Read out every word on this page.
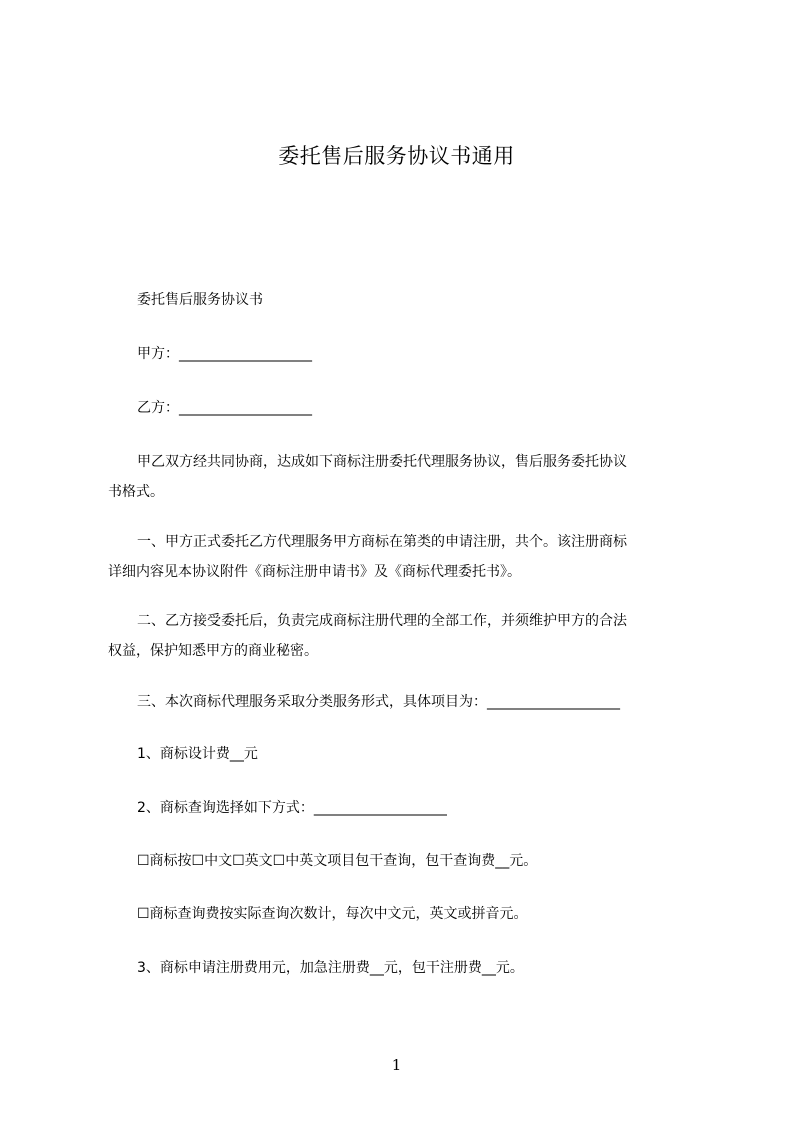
委托售后服务协议书通用
委托售后服务协议书
甲方：___________________
乙方：___________________
甲乙双方经共同协商，达成如下商标注册委托代理服务协议，售后服务委托协议
书格式。
一、甲方正式委托乙方代理服务甲方商标在第类的申请注册，共个。该注册商标
详细内容见本协议附件《商标注册申请书》及《商标代理委托书》。
二、乙方接受委托后，负责完成商标注册代理的全部工作，并须维护甲方的合法
权益，保护知悉甲方的商业秘密。
三、本次商标代理服务采取分类服务形式，具体项目为：___________________
1、商标设计费__元
2、商标查询选择如下方式：___________________
☐商标按☐中文☐英文☐中英文项目包干查询，包干查询费__元。
☐商标查询费按实际查询次数计，每次中文元，英文或拼音元。
3、商标申请注册费用元，加急注册费__元，包干注册费__元。
1
